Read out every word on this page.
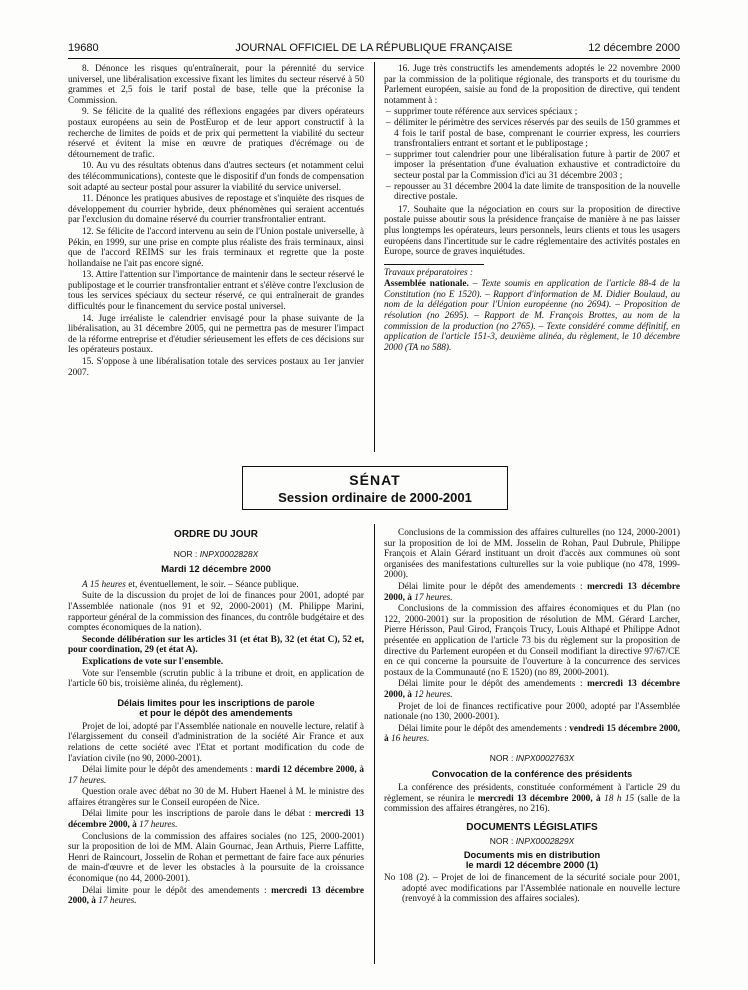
19680	JOURNAL OFFICIEL DE LA RÉPUBLIQUE FRANÇAISE	12 décembre 2000

8. Dénonce les risques qu'entraînerait, pour la pérennité du service universel, une libéralisation excessive fixant les limites du secteur réservé à 50 grammes et 2,5 fois le tarif postal de base, telle que la préconise la Commission.

9. Se félicite de la qualité des réflexions engagées par divers opérateurs postaux européens au sein de PostEurop et de leur apport constructif à la recherche de limites de poids et de prix qui permettent la viabilité du secteur réservé et évitent la mise en œuvre de pratiques d'écrémage ou de détournement de trafic.

10. Au vu des résultats obtenus dans d'autres secteurs (et notamment celui des télécommunications), conteste que le dispositif d'un fonds de compensation soit adapté au secteur postal pour assurer la viabilité du service universel.

11. Dénonce les pratiques abusives de repostage et s'inquiète des risques de développement du courrier hybride, deux phénomènes qui seraient accentués par l'exclusion du domaine réservé du courrier transfrontalier entrant.

12. Se félicite de l'accord intervenu au sein de l'Union postale universelle, à Pékin, en 1999, sur une prise en compte plus réaliste des frais terminaux, ainsi que de l'accord REIMS sur les frais terminaux et regrette que la poste hollandaise ne l'ait pas encore signé.

13. Attire l'attention sur l'importance de maintenir dans le secteur réservé le publipostage et le courrier transfrontalier entrant et s'élève contre l'exclusion de tous les services spéciaux du secteur réservé, ce qui entraînerait de grandes difficultés pour le financement du service postal universel.

14. Juge irréaliste le calendrier envisagé pour la phase suivante de la libéralisation, au 31 décembre 2005, qui ne permettra pas de mesurer l'impact de la réforme entreprise et d'étudier sérieusement les effets de ces décisions sur les opérateurs postaux.

15. S'oppose à une libéralisation totale des services postaux au 1er janvier 2007.

16. Juge très constructifs les amendements adoptés le 22 novembre 2000 par la commission de la politique régionale, des transports et du tourisme du Parlement européen, saisie au fond de la proposition de directive, qui tendent notamment à :

– supprimer toute référence aux services spéciaux ;
– délimiter le périmètre des services réservés par des seuils de 150 grammes et 4 fois le tarif postal de base, comprenant le courrier express, les courriers transfrontaliers entrant et sortant et le publipostage ;
– supprimer tout calendrier pour une libéralisation future à partir de 2007 et imposer la présentation d'une évaluation exhaustive et contradictoire du secteur postal par la Commission d'ici au 31 décembre 2003 ;
– repousser au 31 décembre 2004 la date limite de transposition de la nouvelle directive postale.

17. Souhaite que la négociation en cours sur la proposition de directive postale puisse aboutir sous la présidence française de manière à ne pas laisser plus longtemps les opérateurs, leurs personnels, leurs clients et tous les usagers européens dans l'incertitude sur le cadre réglementaire des activités postales en Europe, source de graves inquiétudes.

Travaux préparatoires :

Assemblée nationale. – Texte soumis en application de l'article 88-4 de la Constitution (no E 1520). – Rapport d'information de M. Didier Boulaud, au nom de la délégation pour l'Union européenne (no 2694). – Proposition de résolution (no 2695). – Rapport de M. François Brottes, au nom de la commission de la production (no 2765). – Texte considéré comme définitif, en application de l'article 151-3, deuxième alinéa, du règlement, le 10 décembre 2000 (TA no 588).

SÉNAT
Session ordinaire de 2000-2001

ORDRE DU JOUR

NOR : INPX0002828X

Mardi 12 décembre 2000

A 15 heures et, éventuellement, le soir. – Séance publique.

Suite de la discussion du projet de loi de finances pour 2001, adopté par l'Assemblée nationale (nos 91 et 92, 2000-2001) (M. Philippe Marini, rapporteur général de la commission des finances, du contrôle budgétaire et des comptes économiques de la nation).

Seconde délibération sur les articles 31 (et état B), 32 (et état C), 52 et, pour coordination, 29 (et état A).

Explications de vote sur l'ensemble.

Vote sur l'ensemble (scrutin public à la tribune et droit, en application de l'article 60 bis, troisième alinéa, du règlement).

Délais limites pour les inscriptions de parole
et pour le dépôt des amendements

Projet de loi, adopté par l'Assemblée nationale en nouvelle lecture, relatif à l'élargissement du conseil d'administration de la société Air France et aux relations de cette société avec l'Etat et portant modification du code de l'aviation civile (no 90, 2000-2001).

Délai limite pour le dépôt des amendements : mardi 12 décembre 2000, à 17 heures.

Question orale avec débat no 30 de M. Hubert Haenel à M. le ministre des affaires étrangères sur le Conseil européen de Nice.

Délai limite pour les inscriptions de parole dans le débat : mercredi 13 décembre 2000, à 17 heures.

Conclusions de la commission des affaires sociales (no 125, 2000-2001) sur la proposition de loi de MM. Alain Gournac, Jean Arthuis, Pierre Laffitte, Henri de Raincourt, Josselin de Rohan et permettant de faire face aux pénuries de main-d'œuvre et de lever les obstacles à la poursuite de la croissance économique (no 44, 2000-2001).

Délai limite pour le dépôt des amendements : mercredi 13 décembre 2000, à 17 heures.

Conclusions de la commission des affaires culturelles (no 124, 2000-2001) sur la proposition de loi de MM. Josselin de Rohan, Paul Dubrule, Philippe François et Alain Gérard instituant un droit d'accès aux communes où sont organisées des manifestations culturelles sur la voie publique (no 478, 1999-2000).

Délai limite pour le dépôt des amendements : mercredi 13 décembre 2000, à 17 heures.

Conclusions de la commission des affaires économiques et du Plan (no 122, 2000-2001) sur la proposition de résolution de MM. Gérard Larcher, Pierre Hérisson, Paul Girod, François Trucy, Louis Althapé et Philippe Adnot présentée en application de l'article 73 bis du règlement sur la proposition de directive du Parlement européen et du Conseil modifiant la directive 97/67/CE en ce qui concerne la poursuite de l'ouverture à la concurrence des services postaux de la Communauté (no E 1520) (no 89, 2000-2001).

Délai limite pour le dépôt des amendements : mercredi 13 décembre 2000, à 12 heures.

Projet de loi de finances rectificative pour 2000, adopté par l'Assemblée nationale (no 130, 2000-2001).

Délai limite pour le dépôt des amendements : vendredi 15 décembre 2000, à 16 heures.

NOR : INPX0002763X

Convocation de la conférence des présidents

La conférence des présidents, constituée conformément à l'article 29 du règlement, se réunira le mercredi 13 décembre 2000, à 18 h 15 (salle de la commission des affaires étrangères, no 216).

DOCUMENTS LÉGISLATIFS

NOR : INPX0002829X

Documents mis en distribution
le mardi 12 décembre 2000 (1)

No 108 (2). – Projet de loi de financement de la sécurité sociale pour 2001, adopté avec modifications par l'Assemblée nationale en nouvelle lecture (renvoyé à la commission des affaires sociales).
